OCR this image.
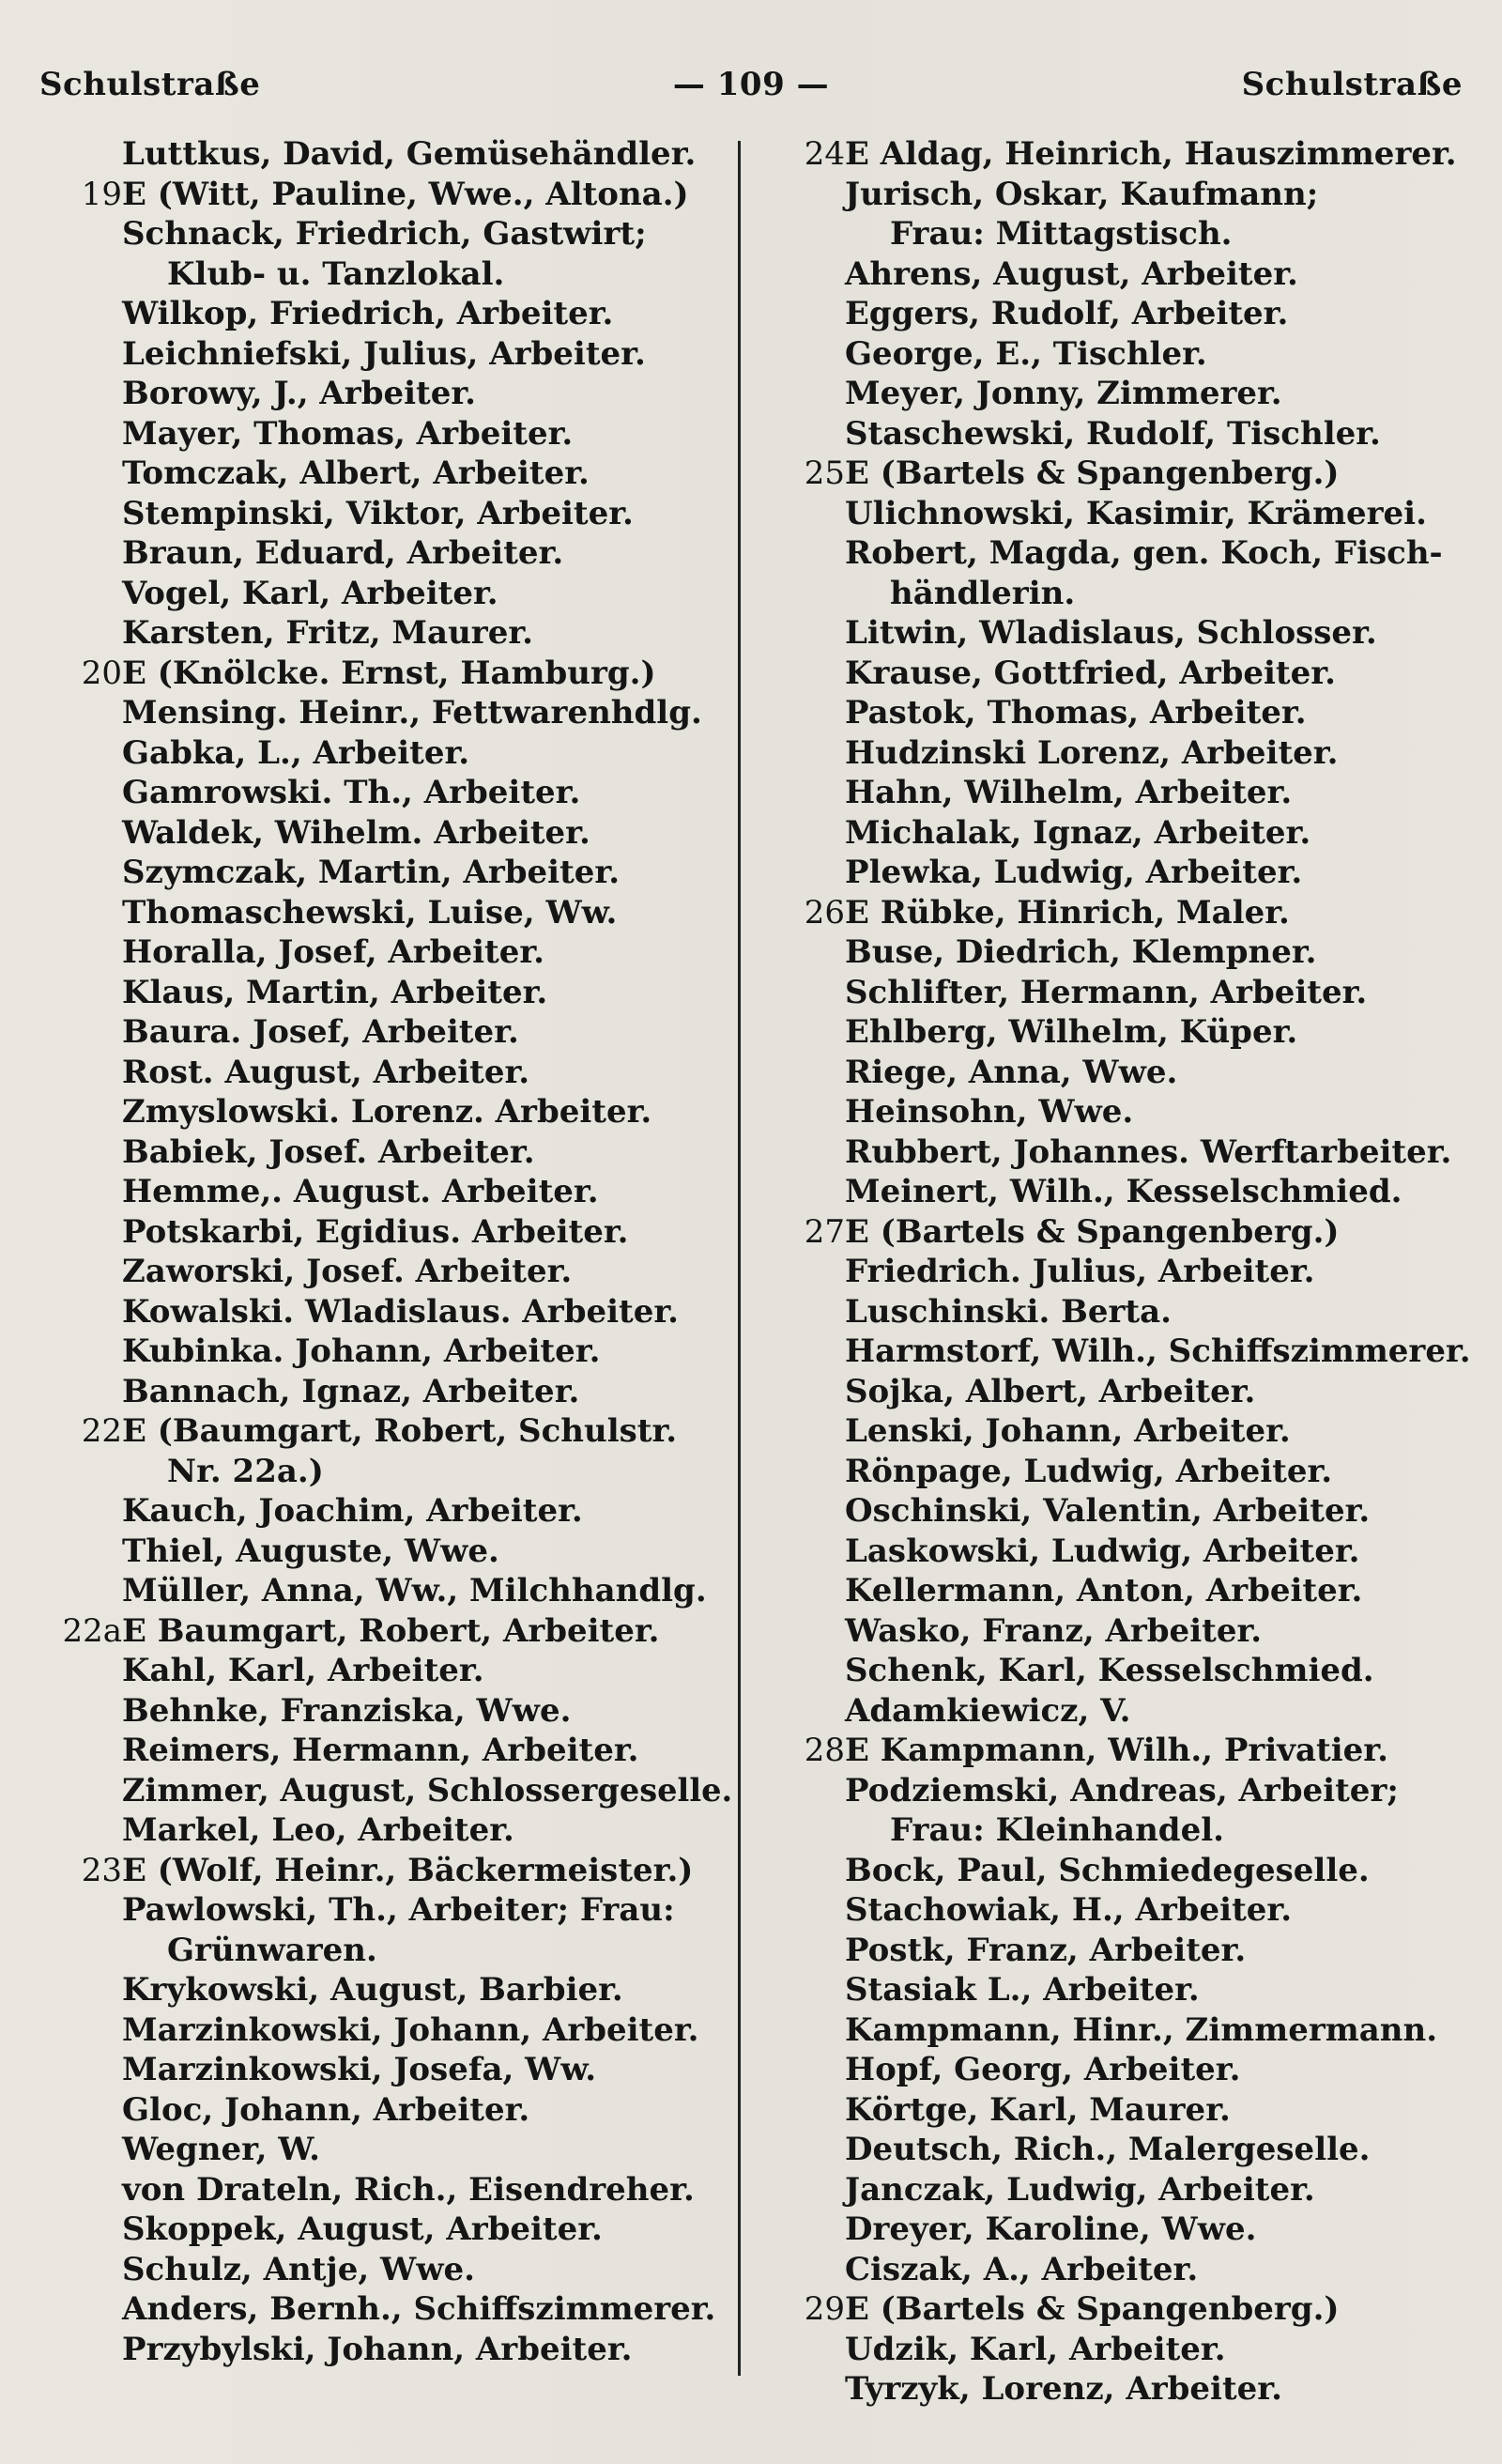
Schulstraße	— 109 —	Schulstraße
Luttkus, David, Gemüsehändler.
19 E (Witt, Pauline, Wwe., Altona.)
Schnack, Friedrich, Gastwirt;
Klub- u. Tanzlokal.
Wilkop, Friedrich, Arbeiter.
Leichniefski, Julius, Arbeiter.
Borowy, J., Arbeiter.
Mayer, Thomas, Arbeiter.
Tomczak, Albert, Arbeiter.
Stempinski, Viktor, Arbeiter.
Braun, Eduard, Arbeiter.
Vogel, Karl, Arbeiter.
Karsten, Fritz, Maurer.
20 E (Knölcke. Ernst, Hamburg.)
Mensing. Heinr., Fettwarenhdlg.
Gabka, L., Arbeiter.
Gamrowski. Th., Arbeiter.
Waldek, Wihelm. Arbeiter.
Szymczak, Martin, Arbeiter.
Thomaschewski, Luise, Ww.
Horalla, Josef, Arbeiter.
Klaus, Martin, Arbeiter.
Baura. Josef, Arbeiter.
Rost. August, Arbeiter.
Zmyslowski. Lorenz. Arbeiter.
Babiek, Josef. Arbeiter.
Hemme,. August. Arbeiter.
Potskarbi, Egidius. Arbeiter.
Zaworski, Josef. Arbeiter.
Kowalski. Wladislaus. Arbeiter.
Kubinka. Johann, Arbeiter.
Bannach, Ignaz, Arbeiter.
22 E (Baumgart, Robert, Schulstr.
Nr. 22a.)
Kauch, Joachim, Arbeiter.
Thiel, Auguste, Wwe.
Müller, Anna, Ww., Milchhandlg.
22a E Baumgart, Robert, Arbeiter.
Kahl, Karl, Arbeiter.
Behnke, Franziska, Wwe.
Reimers, Hermann, Arbeiter.
Zimmer, August, Schlossergeselle.
Markel, Leo, Arbeiter.
23 E (Wolf, Heinr., Bäckermeister.)
Pawlowski, Th., Arbeiter; Frau:
Grünwaren.
Krykowski, August, Barbier.
Marzinkowski, Johann, Arbeiter.
Marzinkowski, Josefa, Ww.
Gloc, Johann, Arbeiter.
Wegner, W.
von Drateln, Rich., Eisendreher.
Skoppek, August, Arbeiter.
Schulz, Antje, Wwe.
Anders, Bernh., Schiffszimmerer.
Przybylski, Johann, Arbeiter.
24 E Aldag, Heinrich, Hauszimmerer.
Jurisch, Oskar, Kaufmann;
Frau: Mittagstisch.
Ahrens, August, Arbeiter.
Eggers, Rudolf, Arbeiter.
George, E., Tischler.
Meyer, Jonny, Zimmerer.
Staschewski, Rudolf, Tischler.
25 E (Bartels & Spangenberg.)
Ulichnowski, Kasimir, Krämerei.
Robert, Magda, gen. Koch, Fisch-
händlerin.
Litwin, Wladislaus, Schlosser.
Krause, Gottfried, Arbeiter.
Pastok, Thomas, Arbeiter.
Hudzinski Lorenz, Arbeiter.
Hahn, Wilhelm, Arbeiter.
Michalak, Ignaz, Arbeiter.
Plewka, Ludwig, Arbeiter.
26 E Rübke, Hinrich, Maler.
Buse, Diedrich, Klempner.
Schlifter, Hermann, Arbeiter.
Ehlberg, Wilhelm, Küper.
Riege, Anna, Wwe.
Heinsohn, Wwe.
Rubbert, Johannes. Werftarbeiter.
Meinert, Wilh., Kesselschmied.
27 E (Bartels & Spangenberg.)
Friedrich. Julius, Arbeiter.
Luschinski. Berta.
Harmstorf, Wilh., Schiffszimmerer.
Sojka, Albert, Arbeiter.
Lenski, Johann, Arbeiter.
Rönpage, Ludwig, Arbeiter.
Oschinski, Valentin, Arbeiter.
Laskowski, Ludwig, Arbeiter.
Kellermann, Anton, Arbeiter.
Wasko, Franz, Arbeiter.
Schenk, Karl, Kesselschmied.
Adamkiewicz, V.
28 E Kampmann, Wilh., Privatier.
Podziemski, Andreas, Arbeiter;
Frau: Kleinhandel.
Bock, Paul, Schmiedegeselle.
Stachowiak, H., Arbeiter.
Postk, Franz, Arbeiter.
Stasiak L., Arbeiter.
Kampmann, Hinr., Zimmermann.
Hopf, Georg, Arbeiter.
Körtge, Karl, Maurer.
Deutsch, Rich., Malergeselle.
Janczak, Ludwig, Arbeiter.
Dreyer, Karoline, Wwe.
Ciszak, A., Arbeiter.
29 E (Bartels & Spangenberg.)
Udzik, Karl, Arbeiter.
Tyrzyk, Lorenz, Arbeiter.
